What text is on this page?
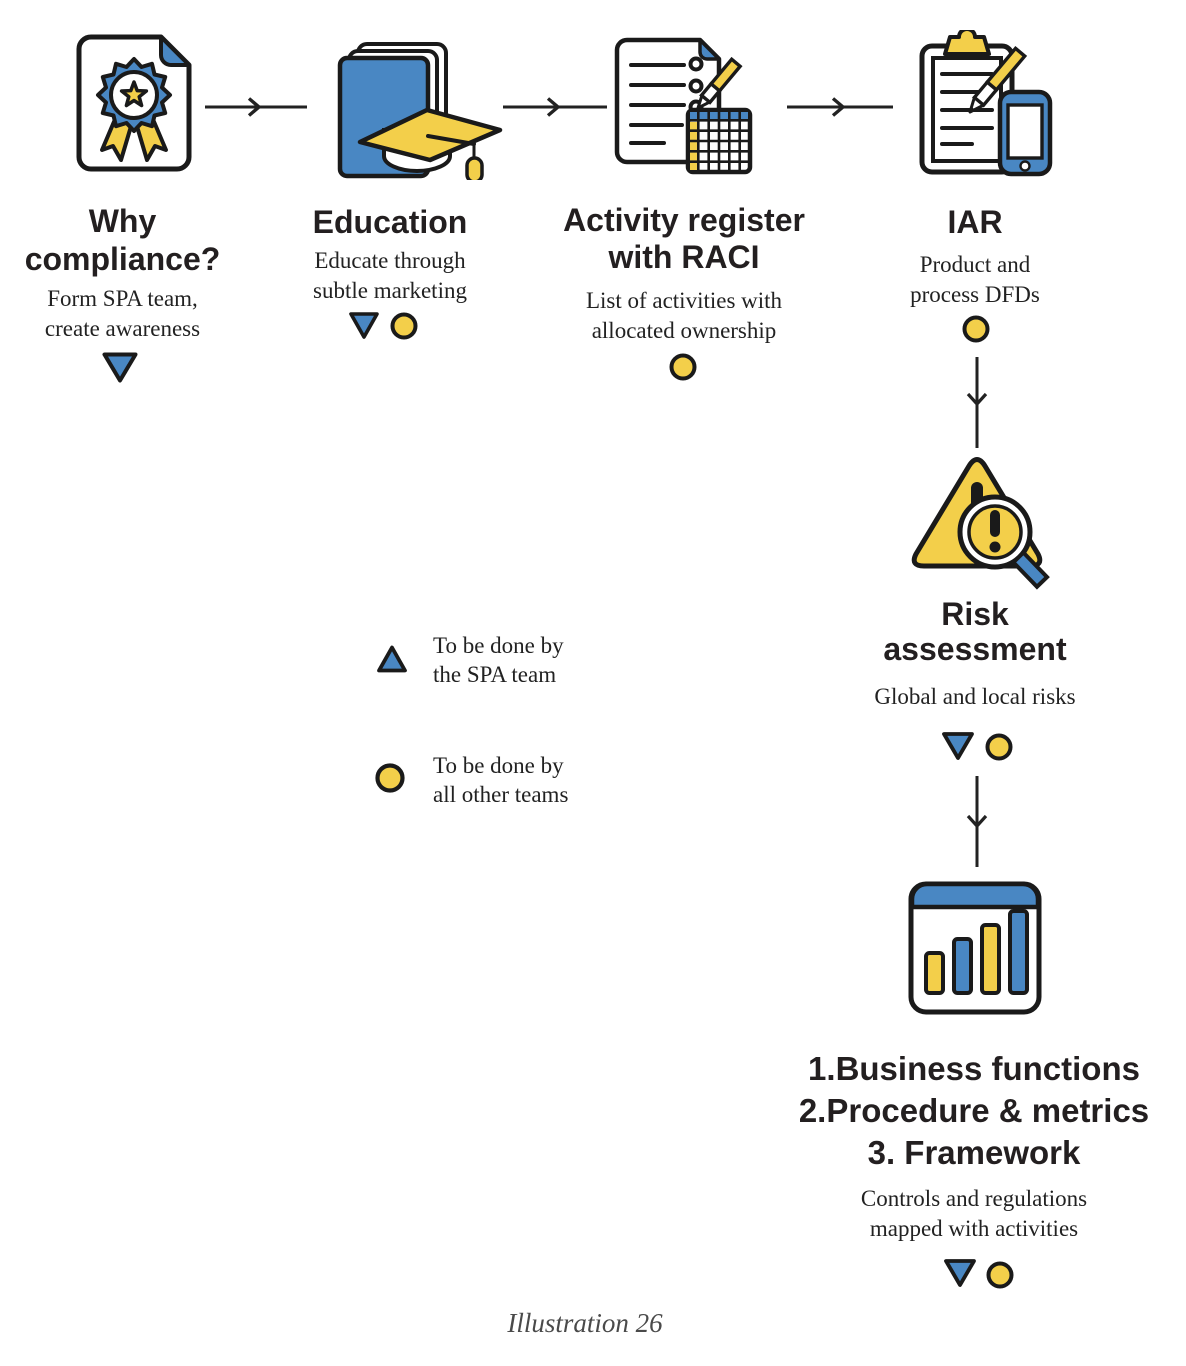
Why
compliance?
Form SPA team,
create awareness
Education
Educate through
subtle marketing
Activity register
with RACI
List of activities with
allocated ownership
IAR
Product and
process DFDs
Risk
assessment
Global and local risks
1.Business functions
2.Procedure & metrics
3. Framework
Controls and regulations
mapped with activities
To be done by
the SPA team
To be done by
all other teams
Illustration 26
